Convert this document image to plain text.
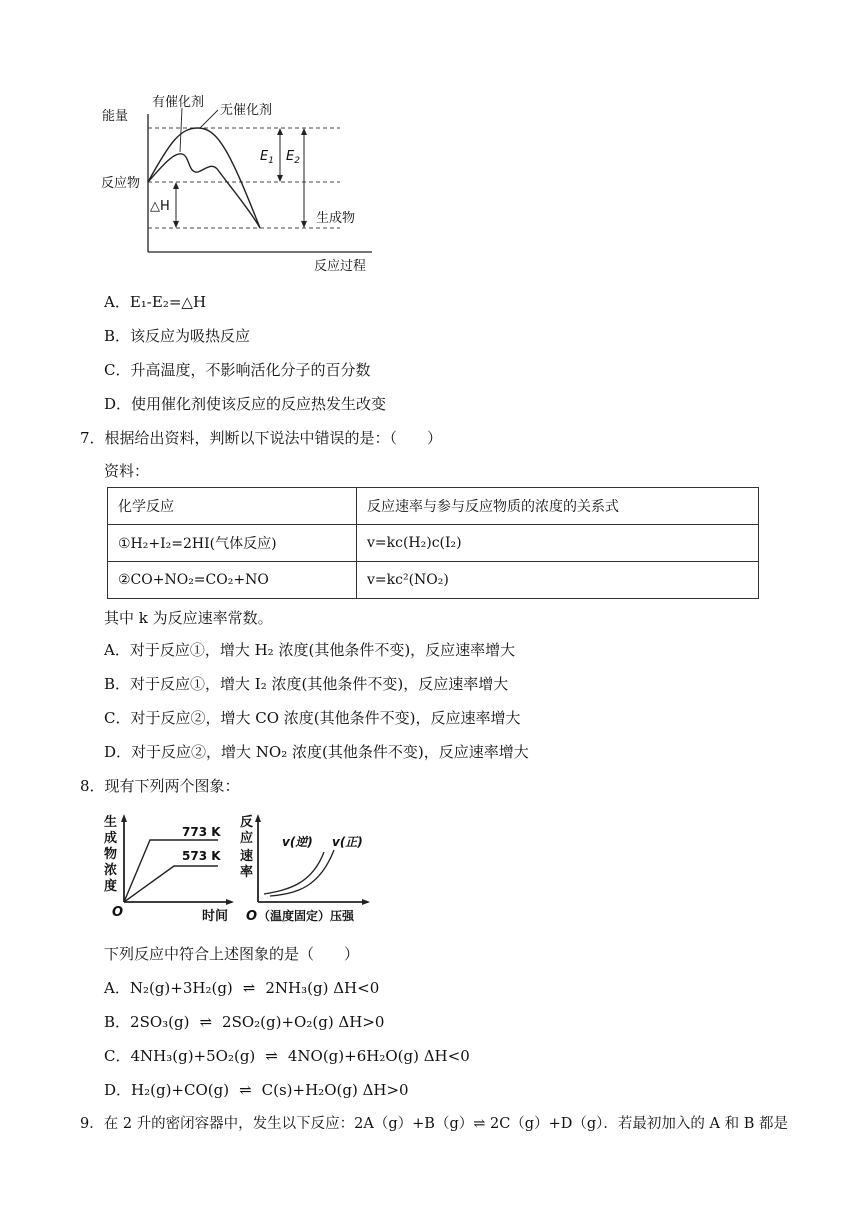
能量
有催化剂
无催化剂
反应物
生成物
反应过程
△H
$E_1$ $E_2$
A．E₁-E₂=△H
B．该反应为吸热反应
C．升高温度，不影响活化分子的百分数
D．使用催化剂使该反应的反应热发生改变
7．根据给出资料，判断以下说法中错误的是：（　　）
资料：
化学反应	反应速率与参与反应物质的浓度的关系式
①H₂+I₂=2HI(气体反应)	v=kc(H₂)c(I₂)
②CO+NO₂=CO₂+NO	v=kc²(NO₂)
其中 k 为反应速率常数。
A．对于反应①，增大 H₂ 浓度(其他条件不变)，反应速率增大
B．对于反应①，增大 I₂ 浓度(其他条件不变)，反应速率增大
C．对于反应②，增大 CO 浓度(其他条件不变)，反应速率增大
D．对于反应②，增大 NO₂ 浓度(其他条件不变)，反应速率增大
8．现有下列两个图象：
生
成
物
浓
度
773 K
573 K
O	时间
反
应
速
率
v(逆) v(正)
O （温度固定）压强
下列反应中符合上述图象的是（　　）
A．N₂(g)+3H₂(g) ⇌ 2NH₃(g) ΔH<0
B．2SO₃(g) ⇌ 2SO₂(g)+O₂(g) ΔH>0
C．4NH₃(g)+5O₂(g) ⇌ 4NO(g)+6H₂O(g) ΔH<0
D．H₂(g)+CO(g) ⇌ C(s)+H₂O(g) ΔH>0
9．在 2 升的密闭容器中，发生以下反应：2A（g）+B（g）⇌ 2C（g）+D（g）．若最初加入的 A 和 B 都是
